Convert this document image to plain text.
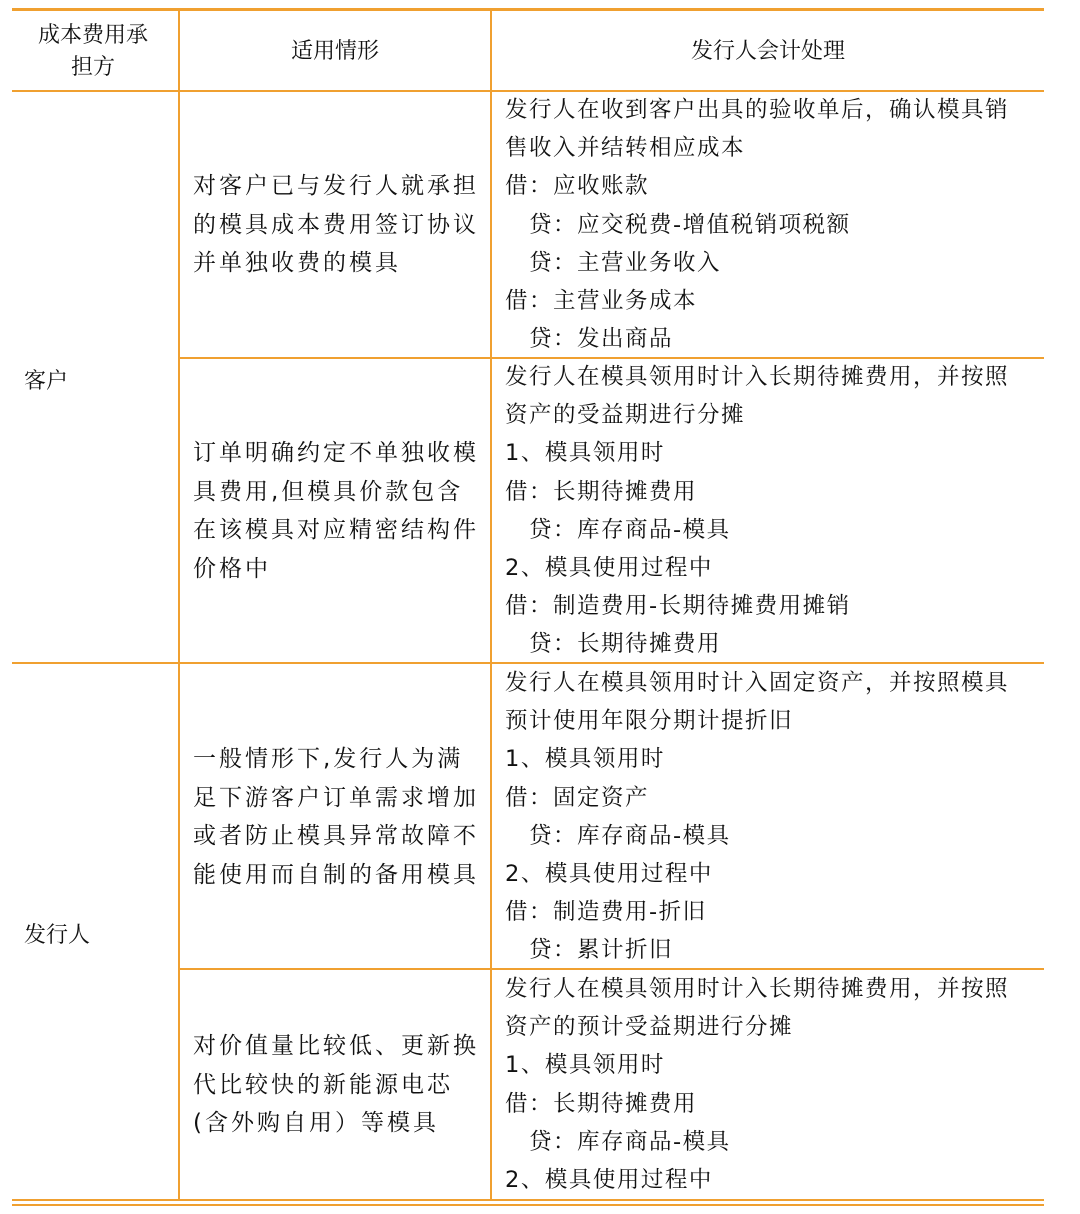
成本费用承担方
适用情形	发行人会计处理
客户
对客户已与发行人就承担的模具成本费用签订协议并单独收费的模具
发行人在收到客户出具的验收单后，确认模具销
售收入并结转相应成本
借：应收账款
贷：应交税费-增值税销项税额
贷：主营业务收入
借：主营业务成本
贷：发出商品
订单明确约定不单独收模具费用,但模具价款包含在该模具对应精密结构件价格中
发行人在模具领用时计入长期待摊费用，并按照
资产的受益期进行分摊
1、模具领用时
借：长期待摊费用
贷：库存商品-模具
2、模具使用过程中
借：制造费用-长期待摊费用摊销
贷：长期待摊费用
发行人
一般情形下,发行人为满足下游客户订单需求增加或者防止模具异常故障不能使用而自制的备用模具
发行人在模具领用时计入固定资产，并按照模具
预计使用年限分期计提折旧
1、模具领用时
借：固定资产
贷：库存商品-模具
2、模具使用过程中
借：制造费用-折旧
贷：累计折旧
对价值量比较低、更新换代比较快的新能源电芯(含外购自用）等模具
发行人在模具领用时计入长期待摊费用，并按照
资产的预计受益期进行分摊
1、模具领用时
借：长期待摊费用
贷：库存商品-模具
2、模具使用过程中
